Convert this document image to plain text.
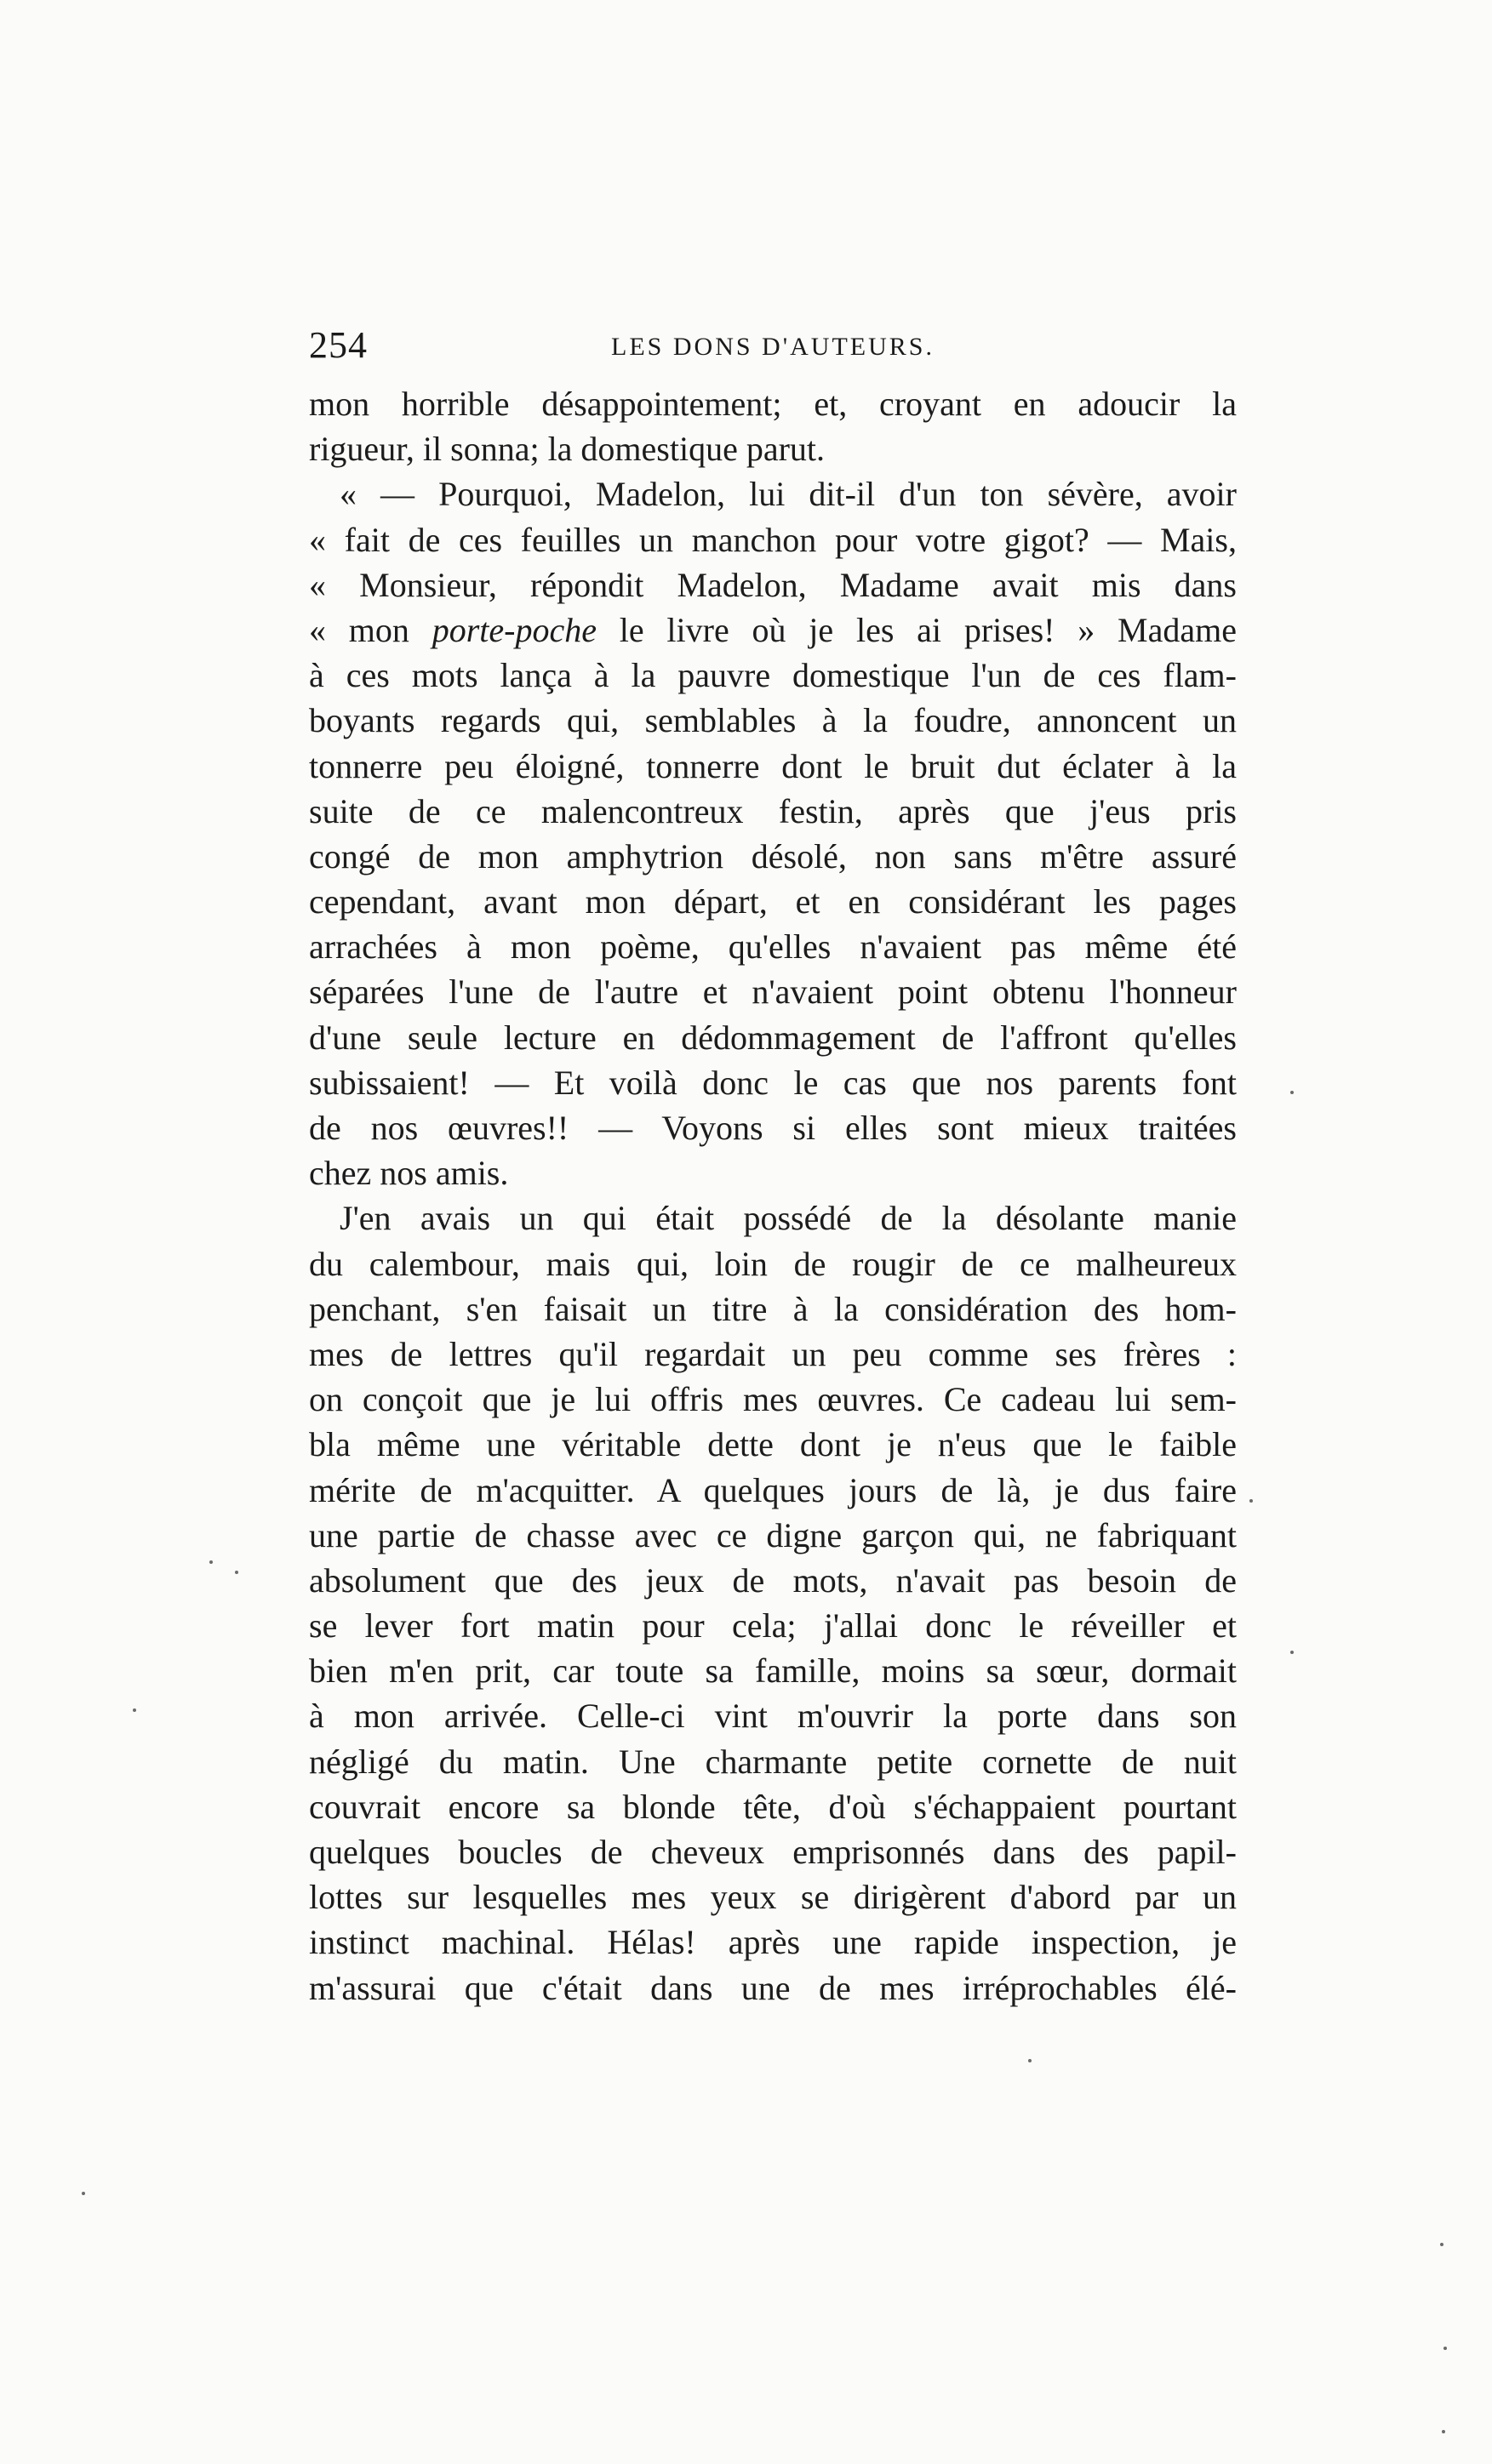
254	LES DONS D'AUTEURS.
mon horrible désappointement; et, croyant en adoucir la
rigueur, il sonna; la domestique parut.
« — Pourquoi, Madelon, lui dit-il d'un ton sévère, avoir
« fait de ces feuilles un manchon pour votre gigot? — Mais,
« Monsieur, répondit Madelon, Madame avait mis dans
« mon porte-poche le livre où je les ai prises! » Madame
à ces mots lança à la pauvre domestique l'un de ces flam-
boyants regards qui, semblables à la foudre, annoncent un
tonnerre peu éloigné, tonnerre dont le bruit dut éclater à la
suite de ce malencontreux festin, après que j'eus pris
congé de mon amphytrion désolé, non sans m'être assuré
cependant, avant mon départ, et en considérant les pages
arrachées à mon poème, qu'elles n'avaient pas même été
séparées l'une de l'autre et n'avaient point obtenu l'honneur
d'une seule lecture en dédommagement de l'affront qu'elles
subissaient! — Et voilà donc le cas que nos parents font
de nos œuvres!! — Voyons si elles sont mieux traitées
chez nos amis.
J'en avais un qui était possédé de la désolante manie
du calembour, mais qui, loin de rougir de ce malheureux
penchant, s'en faisait un titre à la considération des hom-
mes de lettres qu'il regardait un peu comme ses frères :
on conçoit que je lui offris mes œuvres. Ce cadeau lui sem-
bla même une véritable dette dont je n'eus que le faible
mérite de m'acquitter. A quelques jours de là, je dus faire
une partie de chasse avec ce digne garçon qui, ne fabriquant
absolument que des jeux de mots, n'avait pas besoin de
se lever fort matin pour cela; j'allai donc le réveiller et
bien m'en prit, car toute sa famille, moins sa sœur, dormait
à mon arrivée. Celle-ci vint m'ouvrir la porte dans son
négligé du matin. Une charmante petite cornette de nuit
couvrait encore sa blonde tête, d'où s'échappaient pourtant
quelques boucles de cheveux emprisonnés dans des papil-
lottes sur lesquelles mes yeux se dirigèrent d'abord par un
instinct machinal. Hélas! après une rapide inspection, je
m'assurai que c'était dans une de mes irréprochables élé-
